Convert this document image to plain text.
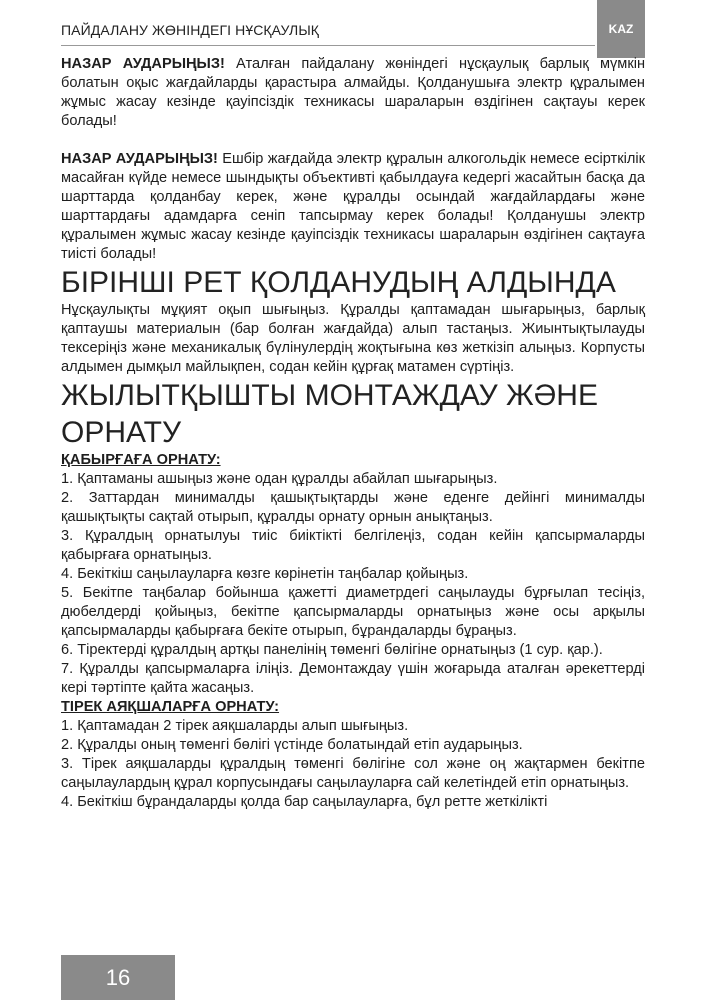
ПАЙДАЛАНУ ЖӨНІНДЕГІ НҰСҚАУЛЫҚ	KAZ

НАЗАР АУДАРЫҢЫЗ! Аталған пайдалану жөніндегі нұсқаулық барлық мүмкін болатын оқыс жағдайларды қарастыра алмайды. Қолданушыға электр құралымен жұмыс жасау кезінде қауіпсіздік техникасы шараларын өздігінен сақтауы керек болады!

НАЗАР АУДАРЫҢЫЗ! Ешбір жағдайда электр құралын алкогольдік немесе есірткілік масайған күйде немесе шындықты объективті қабылдауға кедергі жасайтын басқа да шарттарда қолданбау керек, және құралды осындай жағдайлардағы және шарттардағы адамдарға сеніп тапсырмау керек болады! Қолданушы электр құралымен жұмыс жасау кезінде қауіпсіздік техникасы шараларын өздігінен сақтауға тиісті болады!

БІРІНШІ РЕТ ҚОЛДАНУДЫҢ АЛДЫНДА

Нұсқаулықты мұқият оқып шығыңыз. Құралды қаптамадан шығарыңыз, барлық қаптаушы материалын (бар болған жағдайда) алып тастаңыз. Жиынтықтылауды тексеріңіз және механикалық бүлінулердің жоқтығына көз жеткізіп алыңыз. Корпусты алдымен дымқыл майлықпен, содан кейін құрғақ матамен сүртіңіз.

ЖЫЛЫТҚЫШТЫ МОНТАЖДАУ ЖӘНЕ ОРНАТУ

ҚАБЫРҒАҒА ОРНАТУ:

1. Қаптаманы ашыңыз және одан құралды абайлап шығарыңыз.

2. Заттардан минималды қашықтықтарды және еденге дейінгі минималды қашықтықты сақтай отырып, құралды орнату орнын анықтаңыз.

3. Құралдың орнатылуы тиіс биіктікті белгілеңіз, содан кейін қапсырмаларды қабырғаға орнатыңыз.

4. Бекіткіш саңылауларға көзге көрінетін таңбалар қойыңыз.

5. Бекітпе таңбалар бойынша қажетті диаметрдегі саңылауды бұрғылап тесіңіз, дюбелдерді қойыңыз, бекітпе қапсырмаларды орнатыңыз және осы арқылы қапсырмаларды қабырғаға бекіте отырып, бұрандаларды бұраңыз.

6. Тіректерді құралдың артқы панелінің төменгі бөлігіне орнатыңыз (1 сур. қар.).

7. Құралды қапсырмаларға іліңіз. Демонтаждау үшін жоғарыда аталған әрекеттерді кері тәртіпте қайта жасаңыз.

ТІРЕК АЯҚШАЛАРҒА ОРНАТУ:

1. Қаптамадан 2 тірек аяқшаларды алып шығыңыз.

2. Құралды оның төменгі бөлігі үстінде болатындай етіп аударыңыз.

3. Тірек аяқшаларды құралдың төменгі бөлігіне сол және оң жақтармен бекітпе саңылаулардың құрал корпусындағы саңылауларға сай келетіндей етіп орнатыңыз.

4. Бекіткіш бұрандаларды қолда бар саңылауларға, бұл ретте жеткілікті

16
